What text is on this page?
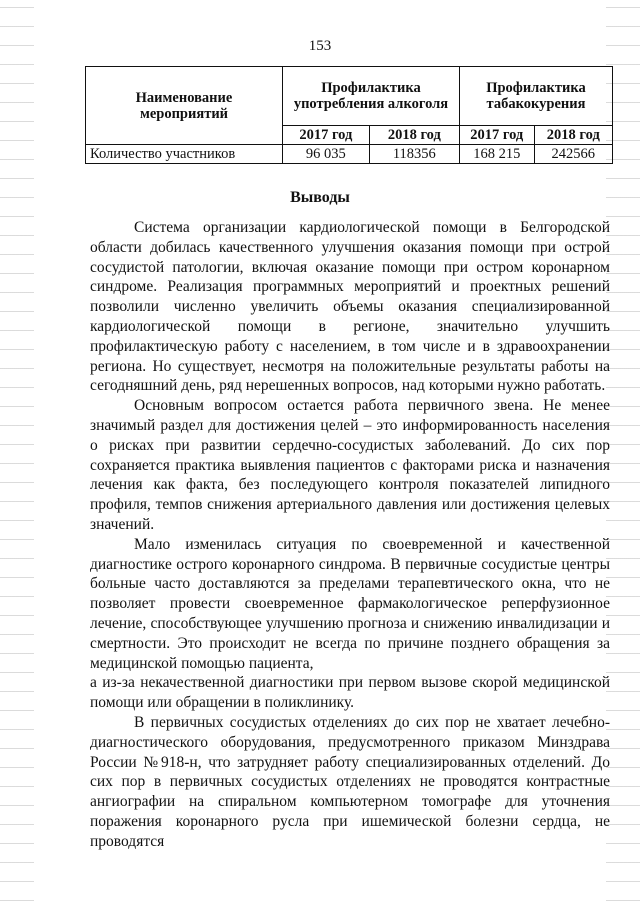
153
Наименование мероприятий	Профилактика употребления алкоголя		Профилактика табакокурения	
	2017 год	2018 год	2017 год	2018 год
Количество участников	96 035	118356	168 215	242566
Выводы

Система организации кардиологической помощи в Белгородской области добилась качественного улучшения оказания помощи при острой сосудистой патологии, включая оказание помощи при остром коронарном синдроме. Реализация программных мероприятий и проектных решений позволили численно увеличить объемы оказания специализированной кардиологической помощи в регионе, значительно улучшить профилактическую работу с населением, в том числе и в здравоохранении региона. Но существует, несмотря на положительные результаты работы на сегодняшний день, ряд нерешенных вопросов, над которыми нужно работать.

Основным вопросом остается работа первичного звена. Не менее значимый раздел для достижения целей – это информированность населения о рисках при развитии сердечно-сосудистых заболеваний. До сих пор сохраняется практика выявления пациентов с факторами риска и назначения лечения как факта, без последующего контроля показателей липидного профиля, темпов снижения артериального давления или достижения целевых значений.

Мало изменилась ситуация по своевременной и качественной диагностике острого коронарного синдрома. В первичные сосудистые центры больные часто доставляются за пределами терапевтического окна, что не позволяет провести своевременное фармакологическое реперфузионное лечение, способствующее улучшению прогноза и снижению инвалидизации и смертности. Это происходит не всегда по причине позднего обращения за медицинской помощью пациента,

а из-за некачественной диагностики при первом вызове скорой медицинской помощи или обращении в поликлинику.

В первичных сосудистых отделениях до сих пор не хватает лечебно-диагностического оборудования, предусмотренного приказом Минздрава России №918-н, что затрудняет работу специализированных отделений. До сих пор в первичных сосудистых отделениях не проводятся контрастные ангиографии на спиральном компьютерном томографе для уточнения поражения коронарного русла при ишемической болезни сердца, не проводятся
